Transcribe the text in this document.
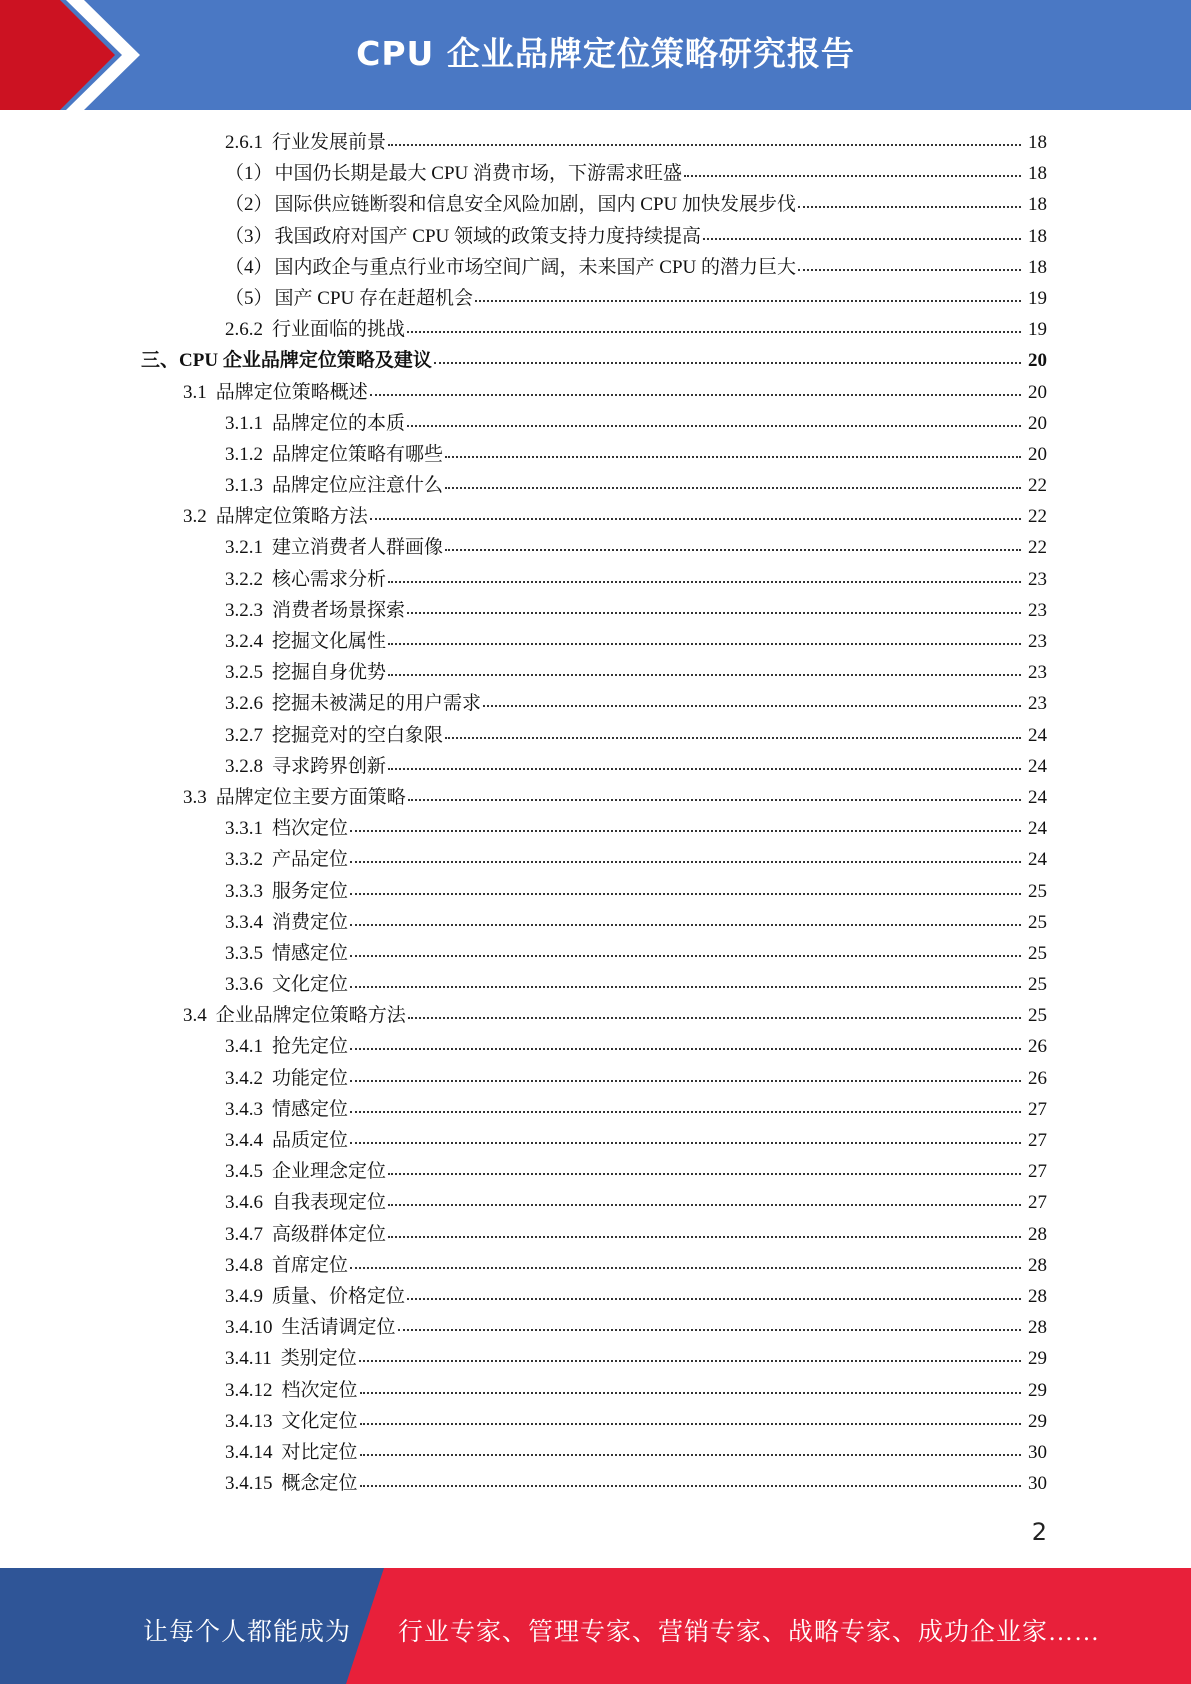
CPU 企业品牌定位策略研究报告
2.6.1 行业发展前景	18
（1） 中国仍长期是最大 CPU 消费市场，下游需求旺盛	18
（2） 国际供应链断裂和信息安全风险加剧，国内 CPU 加快发展步伐	18
（3） 我国政府对国产 CPU 领域的政策支持力度持续提高	18
（4） 国内政企与重点行业市场空间广阔，未来国产 CPU 的潜力巨大	18
（5） 国产 CPU 存在赶超机会	19
2.6.2 行业面临的挑战	19
三、 CPU 企业品牌定位策略及建议	20
3.1 品牌定位策略概述	20
3.1.1 品牌定位的本质	20
3.1.2 品牌定位策略有哪些	20
3.1.3 品牌定位应注意什么	22
3.2 品牌定位策略方法	22
3.2.1 建立消费者人群画像	22
3.2.2 核心需求分析	23
3.2.3 消费者场景探索	23
3.2.4 挖掘文化属性	23
3.2.5 挖掘自身优势	23
3.2.6 挖掘未被满足的用户需求	23
3.2.7 挖掘竞对的空白象限	24
3.2.8 寻求跨界创新	24
3.3 品牌定位主要方面策略	24
3.3.1 档次定位	24
3.3.2 产品定位	24
3.3.3 服务定位	25
3.3.4 消费定位	25
3.3.5 情感定位	25
3.3.6 文化定位	25
3.4 企业品牌定位策略方法	25
3.4.1 抢先定位	26
3.4.2 功能定位	26
3.4.3 情感定位	27
3.4.4 品质定位	27
3.4.5 企业理念定位	27
3.4.6 自我表现定位	27
3.4.7 高级群体定位	28
3.4.8 首席定位	28
3.4.9 质量、价格定位	28
3.4.10 生活请调定位	28
3.4.11 类别定位	29
3.4.12 档次定位	29
3.4.13 文化定位	29
3.4.14 对比定位	30
3.4.15 概念定位	30
2
让每个人都能成为 行业专家、管理专家、营销专家、战略专家、成功企业家……
